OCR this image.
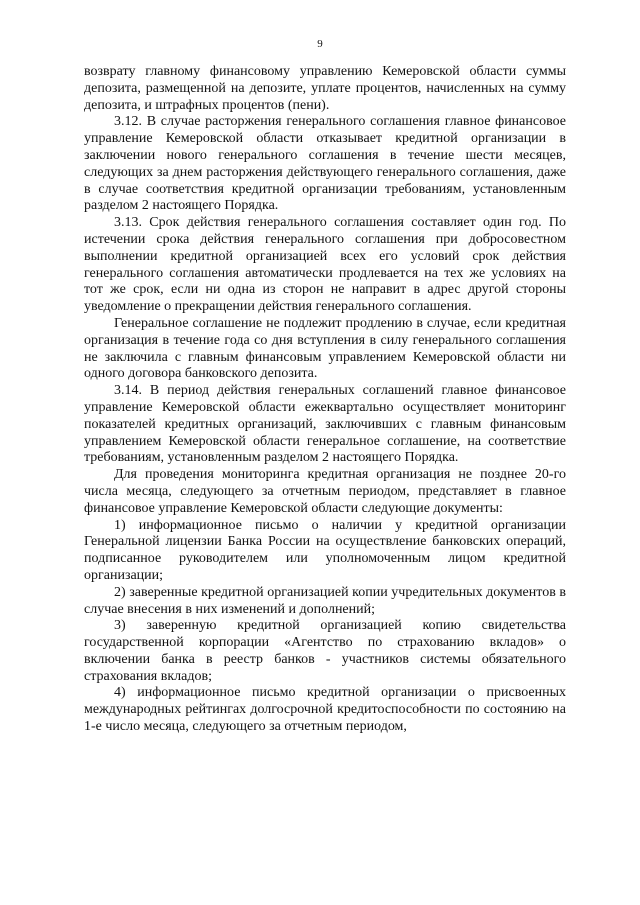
9

возврату главному финансовому управлению Кемеровской области суммы депозита, размещенной на депозите, уплате процентов, начисленных на сумму депозита, и штрафных процентов (пени).

3.12. В случае расторжения генерального соглашения главное финансовое управление Кемеровской области отказывает кредитной организации в заключении нового генерального соглашения в течение шести месяцев, следующих за днем расторжения действующего генерального соглашения, даже в случае соответствия кредитной организации требованиям, установленным разделом 2 настоящего Порядка.

3.13. Срок действия генерального соглашения составляет один год. По истечении срока действия генерального соглашения при добросовестном выполнении кредитной организацией всех его условий срок действия генерального соглашения автоматически продлевается на тех же условиях на тот же срок, если ни одна из сторон не направит в адрес другой стороны уведомление о прекращении действия генерального соглашения.

Генеральное соглашение не подлежит продлению в случае, если кредитная организация в течение года со дня вступления в силу генерального соглашения не заключила с главным финансовым управлением Кемеровской области ни одного договора банковского депозита.

3.14. В период действия генеральных соглашений главное финансовое управление Кемеровской области ежеквартально осуществляет мониторинг показателей кредитных организаций, заключивших с главным финансовым управлением Кемеровской области генеральное соглашение, на соответствие требованиям, установленным разделом 2 настоящего Порядка.

Для проведения мониторинга кредитная организация не позднее 20-го числа месяца, следующего за отчетным периодом, представляет в главное финансовое управление Кемеровской области следующие документы:

1) информационное письмо о наличии у кредитной организации Генеральной лицензии Банка России на осуществление банковских операций, подписанное руководителем или уполномоченным лицом кредитной организации;

2) заверенные кредитной организацией копии учредительных документов в случае внесения в них изменений и дополнений;

3) заверенную кредитной организацией копию свидетельства государственной корпорации «Агентство по страхованию вкладов» о включении банка в реестр банков - участников системы обязательного страхования вкладов;

4) информационное письмо кредитной организации о присвоенных международных рейтингах долгосрочной кредитоспособности по состоянию на 1-е число месяца, следующего за отчетным периодом,
